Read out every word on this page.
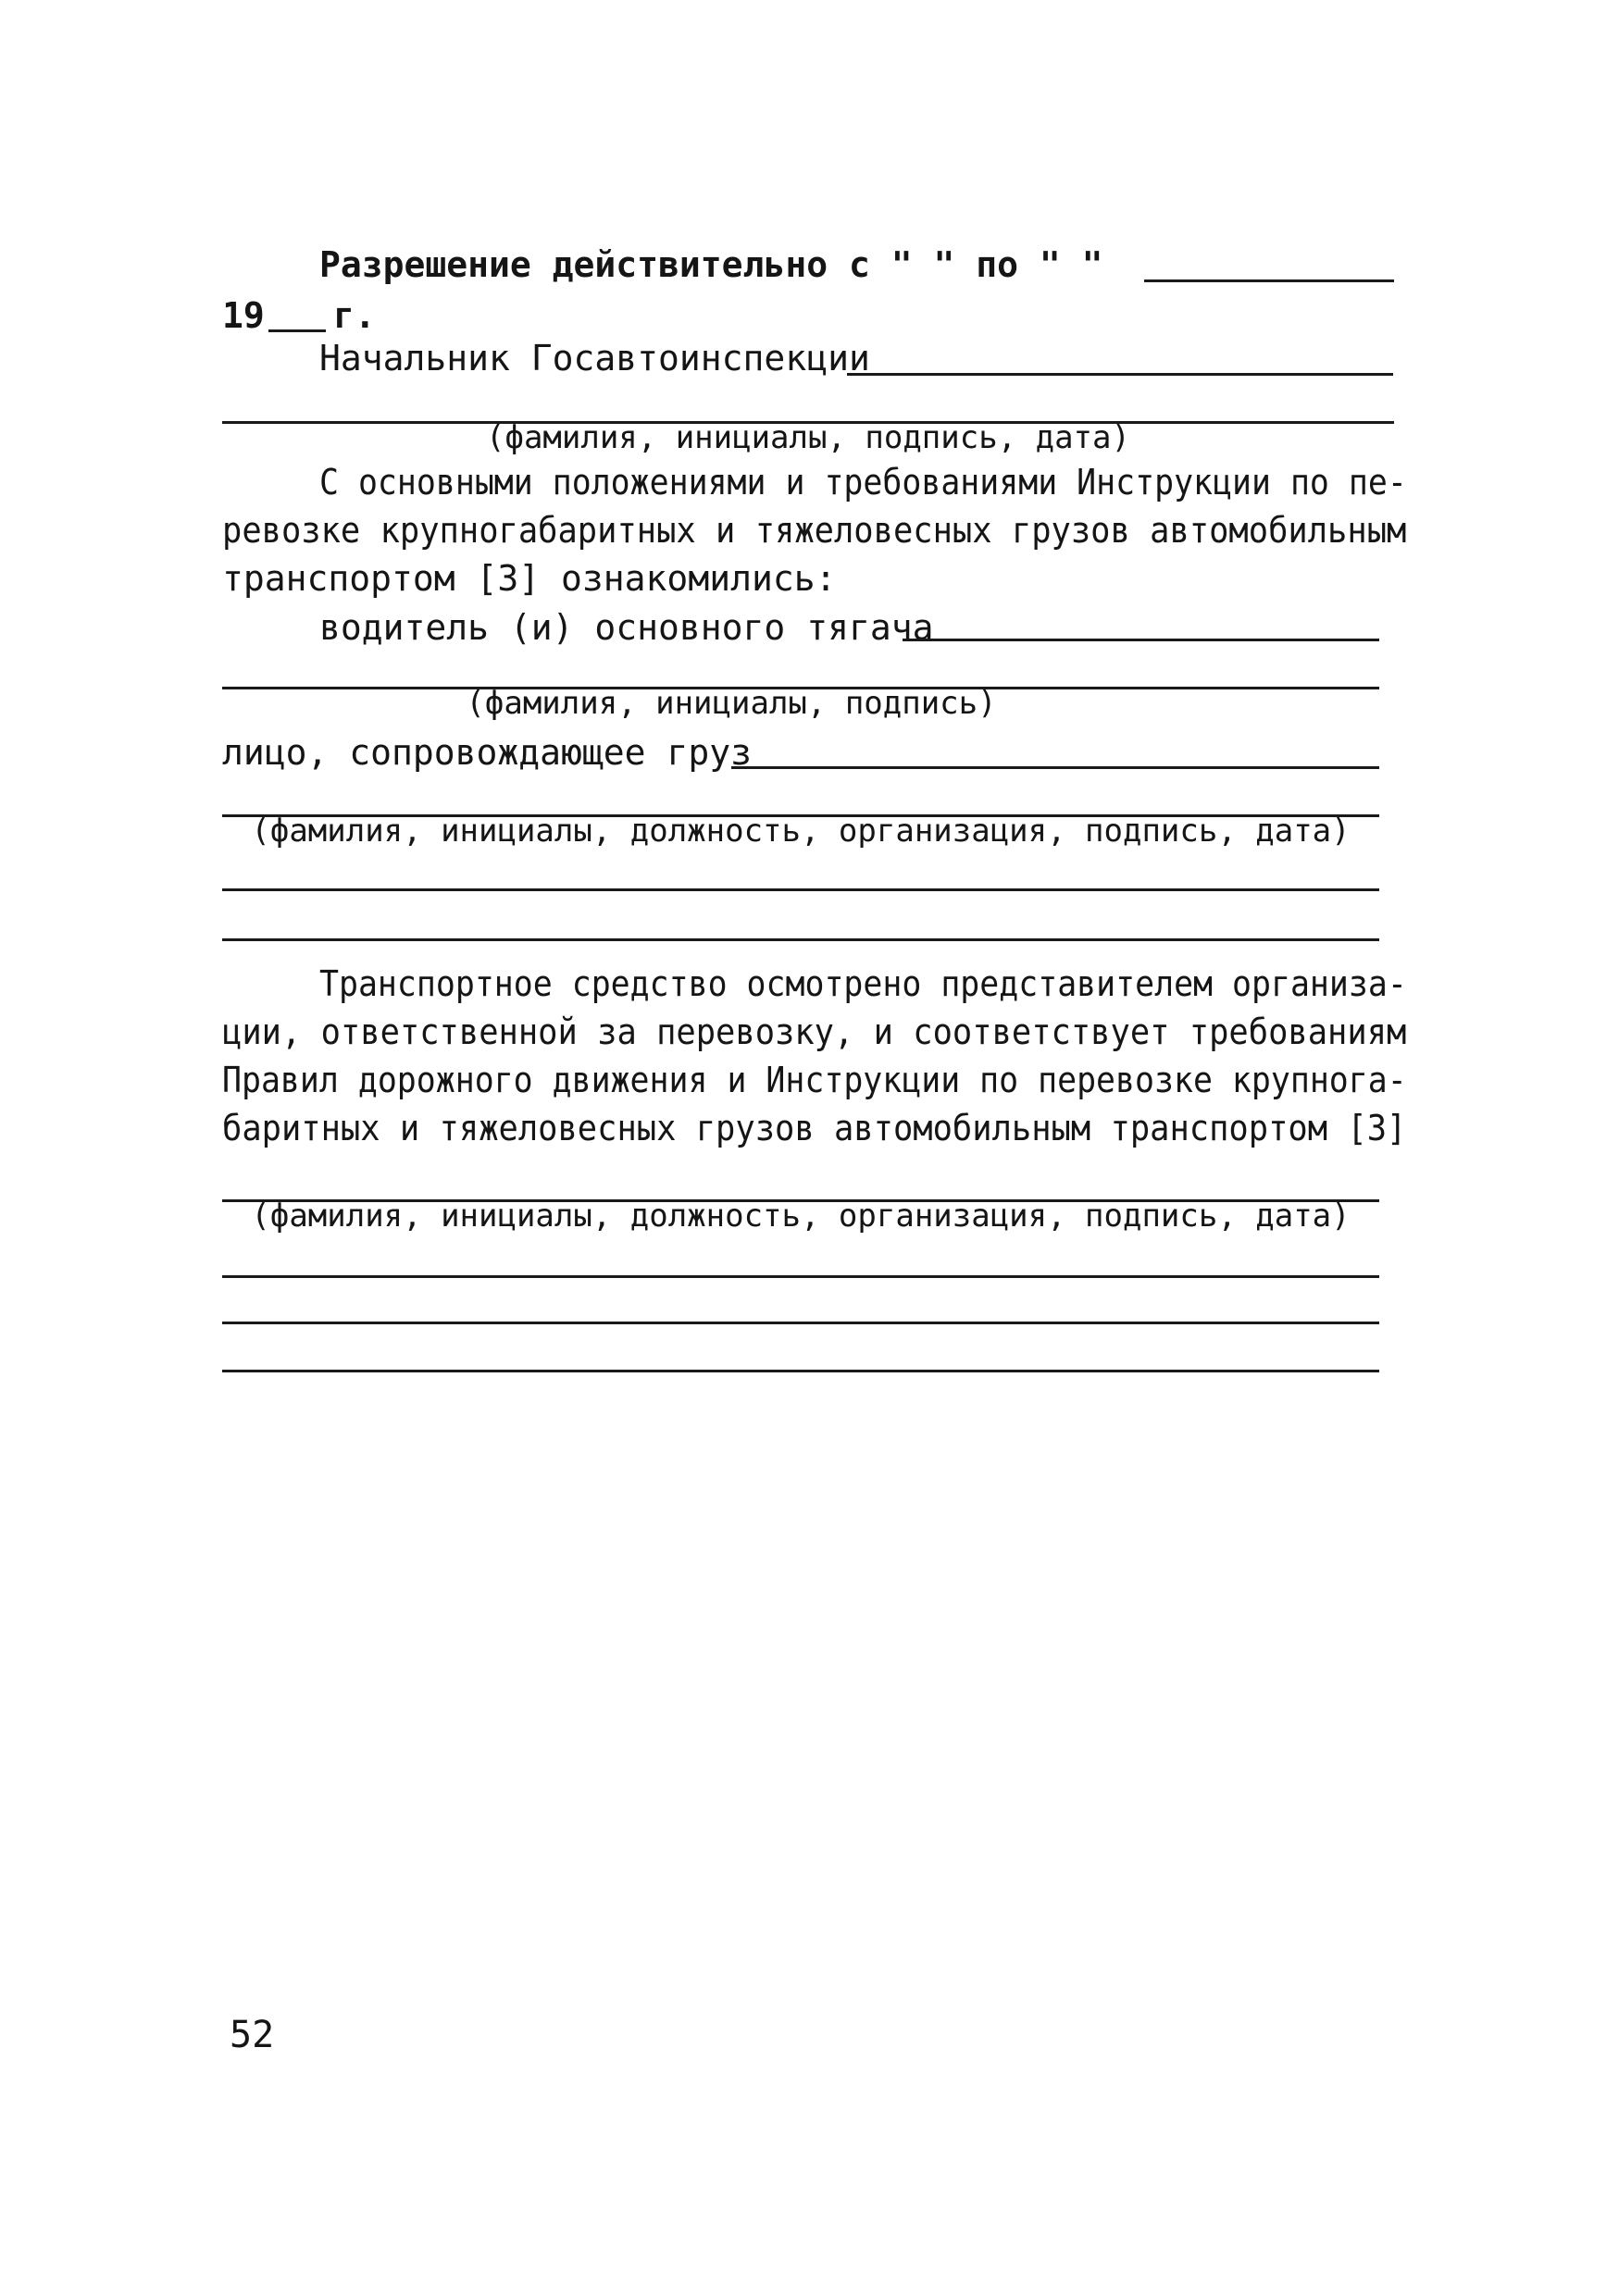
Разрешение действительно с " " по " "
19 г.
Начальник Госавтоинспекции
(фамилия, инициалы, подпись, дата)
С основными положениями и требованиями Инструкции по пе-
ревозке крупногабаритных и тяжеловесных грузов автомобильным
транспортом [3] ознакомились:
водитель (и) основного тягача
(фамилия, инициалы, подпись)
лицо, сопровождающее груз
(фамилия, инициалы, должность, организация, подпись, дата)
Транспортное средство осмотрено представителем организа-
ции, ответственной за перевозку, и соответствует требованиям
Правил дорожного движения и Инструкции по перевозке крупнога-
баритных и тяжеловесных грузов автомобильным транспортом [3]
(фамилия, инициалы, должность, организация, подпись, дата)
52
